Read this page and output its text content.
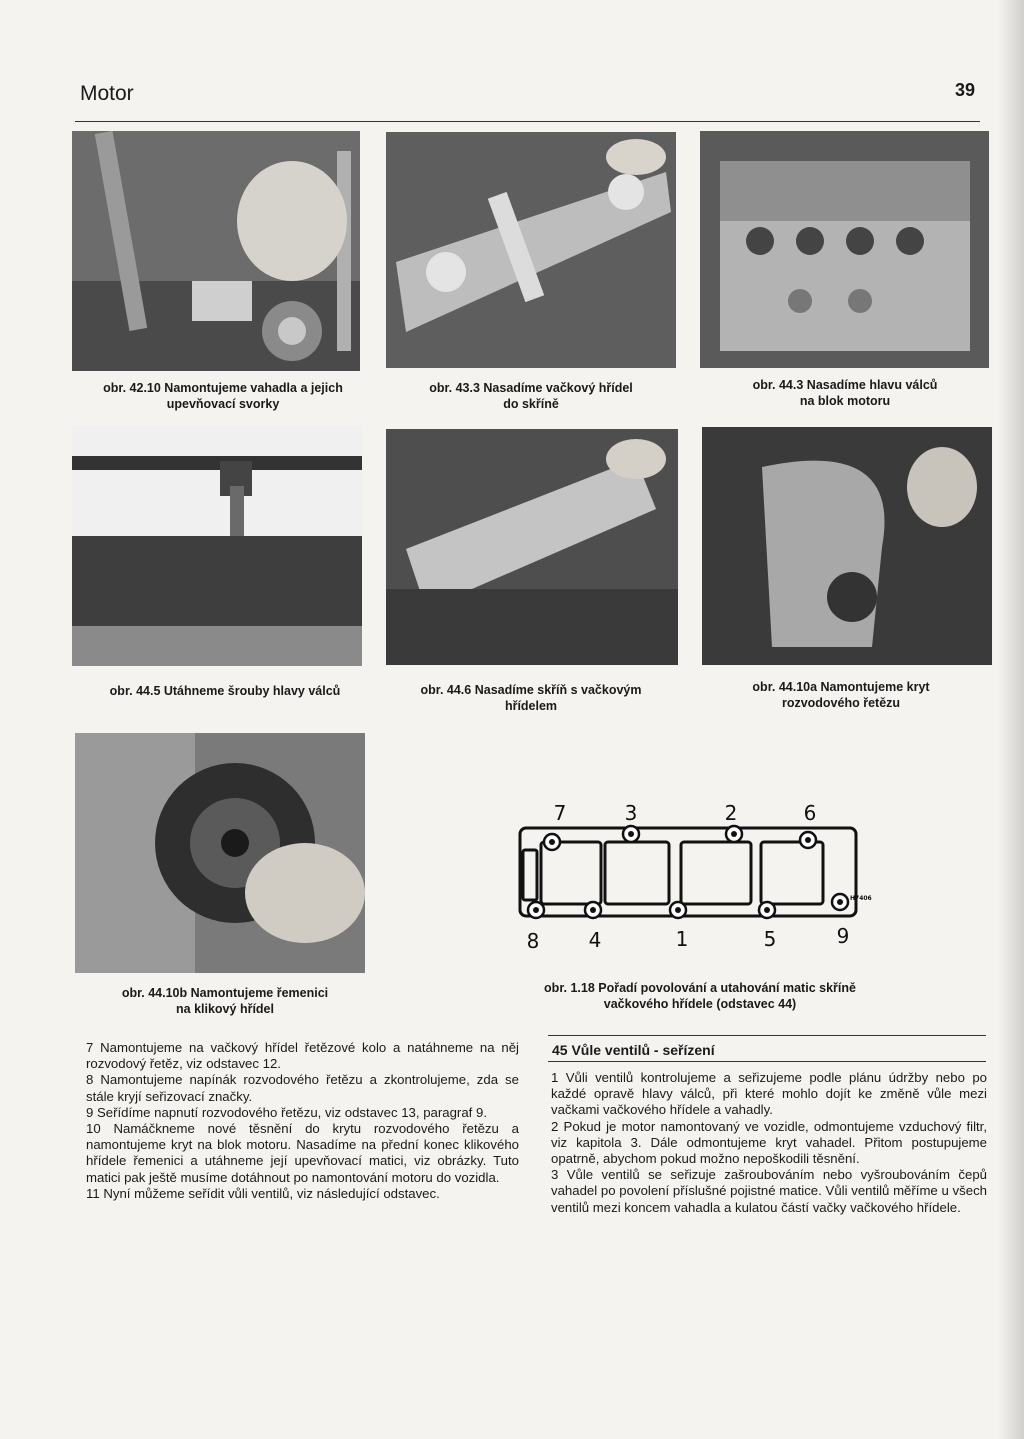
Motor	39
obr. 42.10 Namontujeme vahadla a jejich
upevňovací svorky
obr. 43.3 Nasadíme vačkový hřídel
do skříně
obr. 44.3 Nasadíme hlavu válců
na blok motoru
obr. 44.5 Utáhneme šrouby hlavy válců	obr. 44.6 Nasadíme skříň s vačkovým
hřídelem
obr. 44.10a Namontujeme kryt
rozvodového řetězu
obr. 44.10b Namontujeme řemenici
na klikový hřídel
7	3	2	6
8 4	1	5	9
H7406
obr. 1.18 Pořadí povolování a utahování matic skříně
vačkového hřídele (odstavec 44)

7 Namontujeme na vačkový hřídel řetězové kolo a natáhneme na něj rozvodový řetěz, viz odstavec 12.

8 Namontujeme napínák rozvodového řetězu a zkontrolujeme, zda se stále kryjí seřizovací značky.

9 Seřídíme napnutí rozvodového řetězu, viz odstavec 13, paragraf 9.

10 Namáčkneme nové těsnění do krytu rozvodového řetězu a namontujeme kryt na blok motoru. Nasadíme na přední konec klikového hřídele řemenici a utáhneme její upevňovací matici, viz obrázky. Tuto matici pak ještě musíme dotáhnout po namontování motoru do vozidla.

11 Nyní můžeme seřídit vůli ventilů, viz následující odstavec.

45 Vůle ventilů - seřízení

1 Vůli ventilů kontrolujeme a seřizujeme podle plánu údržby nebo po každé opravě hlavy válců, při které mohlo dojít ke změně vůle mezi vačkami vačkového hřídele a vahadly.

2 Pokud je motor namontovaný ve vozidle, odmontujeme vzduchový filtr, viz kapitola 3. Dále odmontujeme kryt vahadel. Přitom postupujeme opatrně, abychom pokud možno nepoškodili těsnění.

3 Vůle ventilů se seřizuje zašroubováním nebo vyšroubováním čepů vahadel po povolení příslušné pojistné matice. Vůli ventilů měříme u všech ventilů mezi koncem vahadla a kulatou částí vačky vačkového hřídele.
